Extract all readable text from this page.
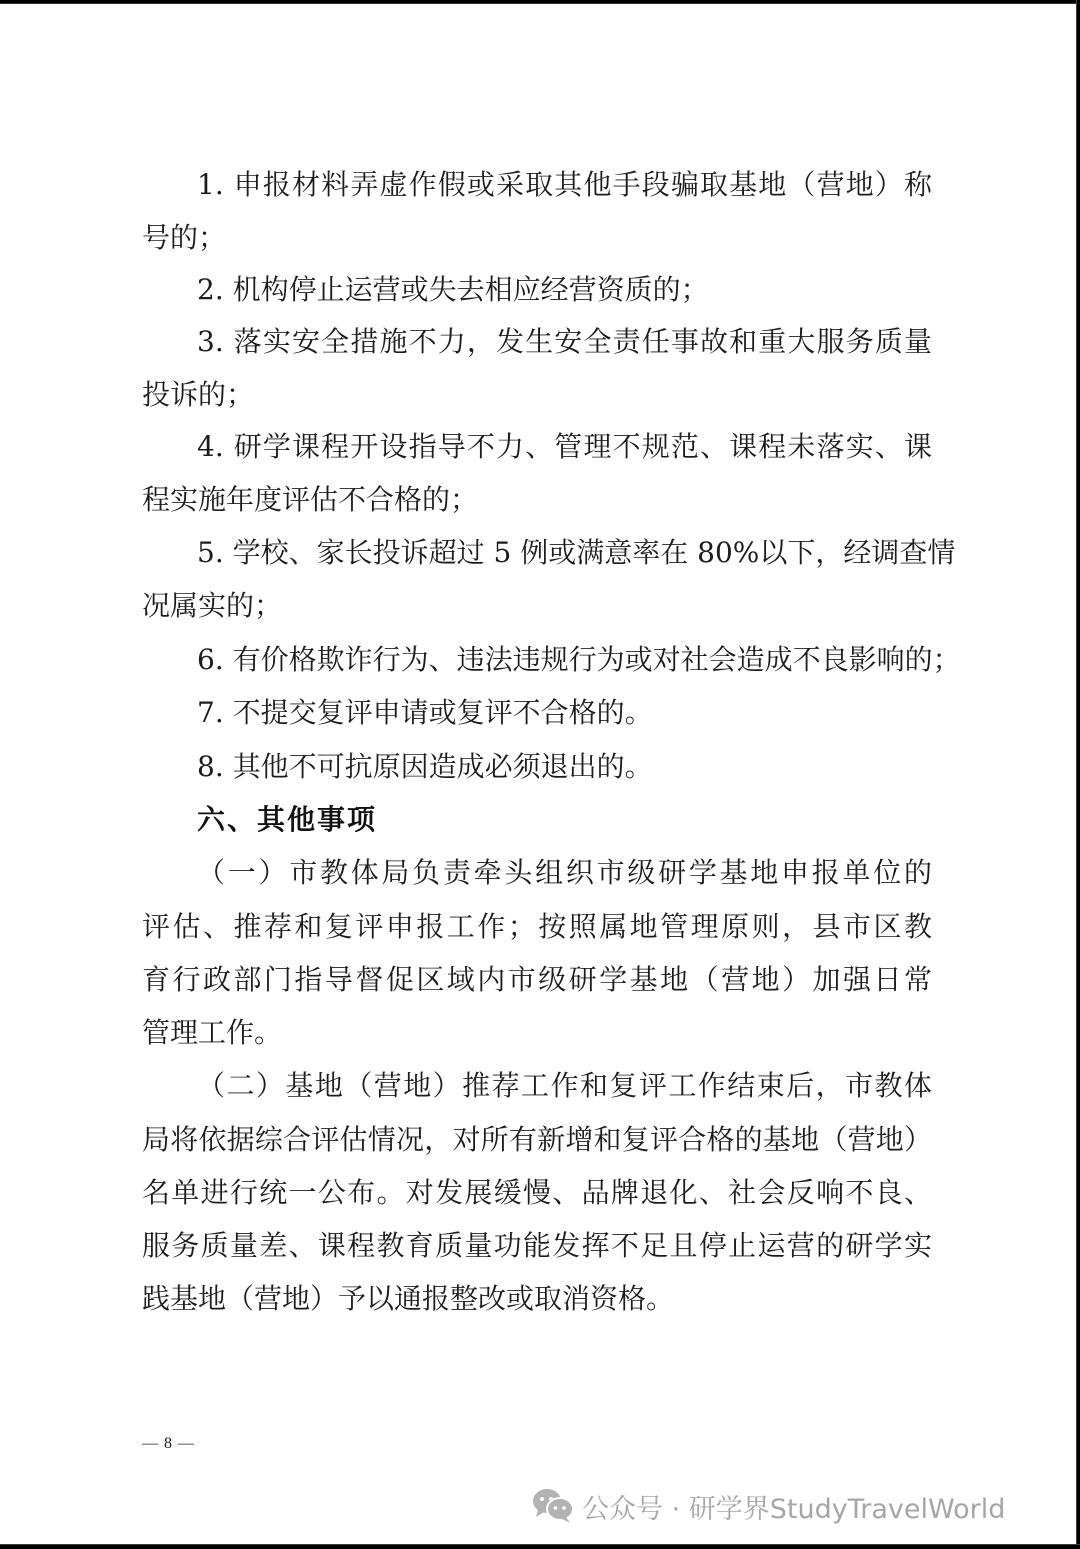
1. 申报材料弄虚作假或采取其他手段骗取基地（营地）称
号的；
2. 机构停止运营或失去相应经营资质的；
3. 落实安全措施不力，发生安全责任事故和重大服务质量
投诉的；
4. 研学课程开设指导不力、管理不规范、课程未落实、课
程实施年度评估不合格的；
5. 学校、家长投诉超过 5 例或满意率在 80%以下，经调查情
况属实的；
6. 有价格欺诈行为、违法违规行为或对社会造成不良影响的；
7. 不提交复评申请或复评不合格的。
8. 其他不可抗原因造成必须退出的。
六、其他事项
（一）市教体局负责牵头组织市级研学基地申报单位的
评估、推荐和复评申报工作；按照属地管理原则，县市区教
育行政部门指导督促区域内市级研学基地（营地）加强日常
管理工作。
（二）基地（营地）推荐工作和复评工作结束后，市教体
局将依据综合评估情况，对所有新增和复评合格的基地（营地）
名单进行统一公布。对发展缓慢、品牌退化、社会反响不良、
服务质量差、课程教育质量功能发挥不足且停止运营的研学实
践基地（营地）予以通报整改或取消资格。
— 8 —
公众号 · 研学界StudyTravelWorld
